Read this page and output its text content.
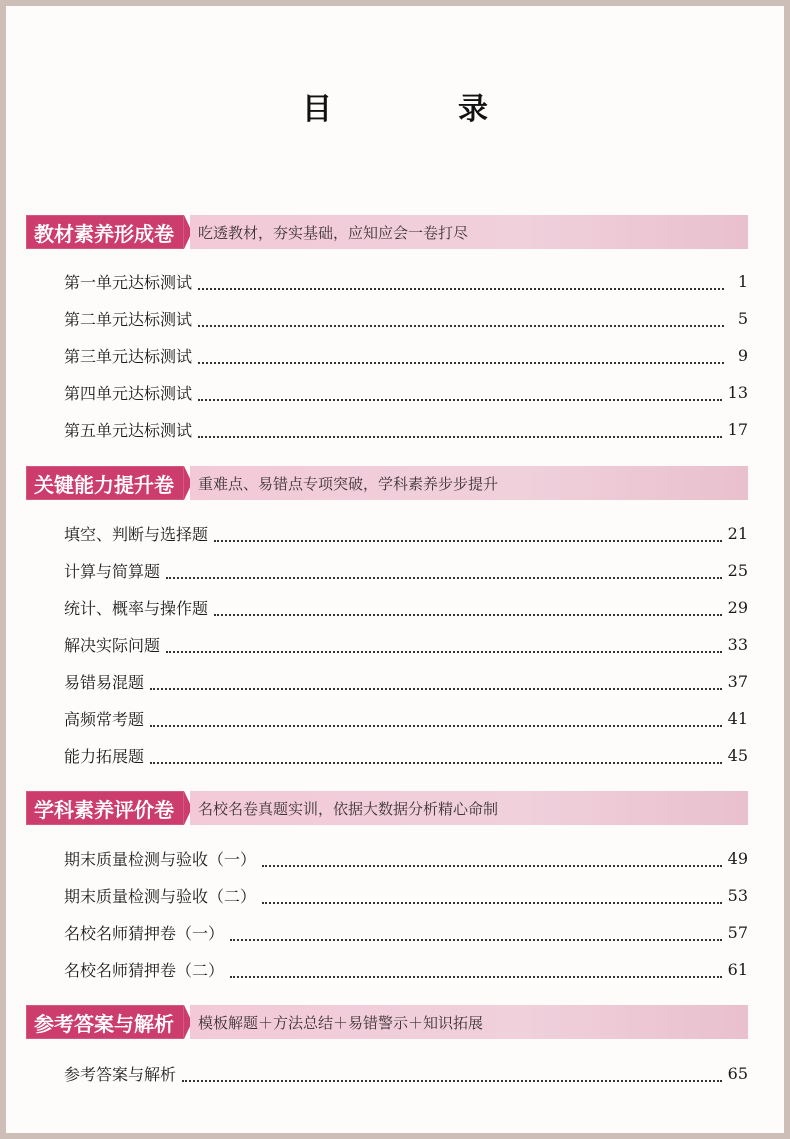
目　录
教材素养形成卷	吃透教材，夯实基础，应知应会一卷打尽
第一单元达标测试	1
第二单元达标测试	5
第三单元达标测试	9
第四单元达标测试	13
第五单元达标测试	17
关键能力提升卷	重难点、易错点专项突破，学科素养步步提升
填空、判断与选择题	21
计算与简算题	25
统计、概率与操作题	29
解决实际问题	33
易错易混题	37
高频常考题	41
能力拓展题	45
学科素养评价卷	名校名卷真题实训，依据大数据分析精心命制
期末质量检测与验收（一）	49
期末质量检测与验收（二）	53
名校名师猜押卷（一）	57
名校名师猜押卷（二）	61
参考答案与解析	模板解题＋方法总结＋易错警示＋知识拓展
参考答案与解析	65
